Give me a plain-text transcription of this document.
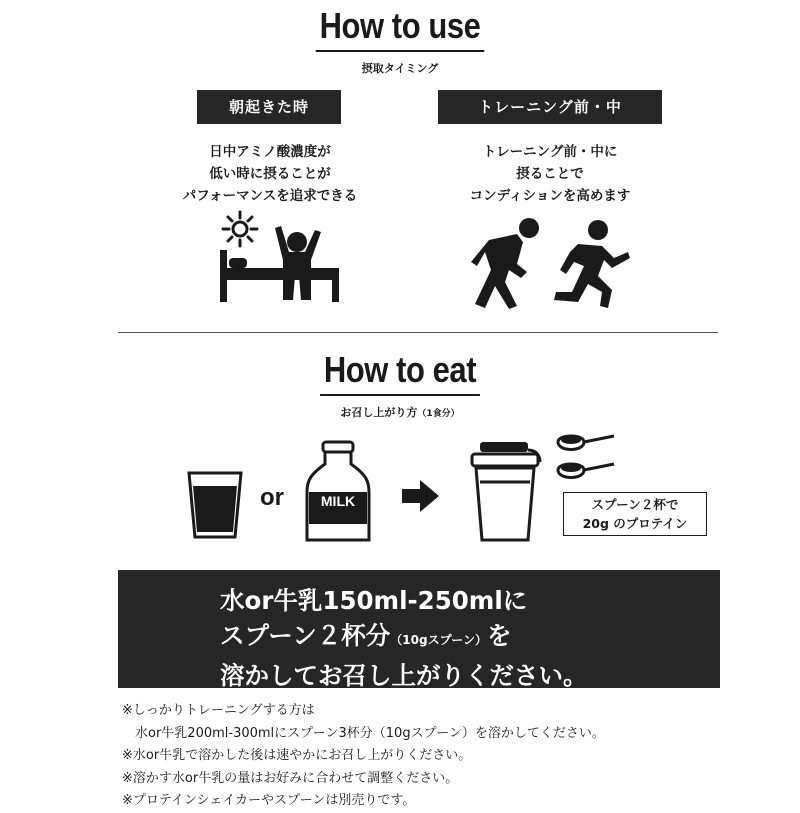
How to use
摂取タイミング
朝起きた時	トレーニング前・中
日中アミノ酸濃度が
低い時に摂ることが
パフォーマンスを追求できる
トレーニング前・中に
摂ることで
コンディションを高めます
How to eat
お召し上がり方（1食分）
or	MILK	スプーン２杯で
20g のプロテイン
水or牛乳150ml-250mlに
スプーン２杯分（10gスプーン）を
溶かしてお召し上がりください。
※しっかりトレーニングする方は
　水or牛乳200ml-300mlにスプーン3杯分（10gスプーン）を溶かしてください。
※水or牛乳で溶かした後は速やかにお召し上がりください。
※溶かす水or牛乳の量はお好みに合わせて調整ください。
※プロテインシェイカーやスプーンは別売りです。
